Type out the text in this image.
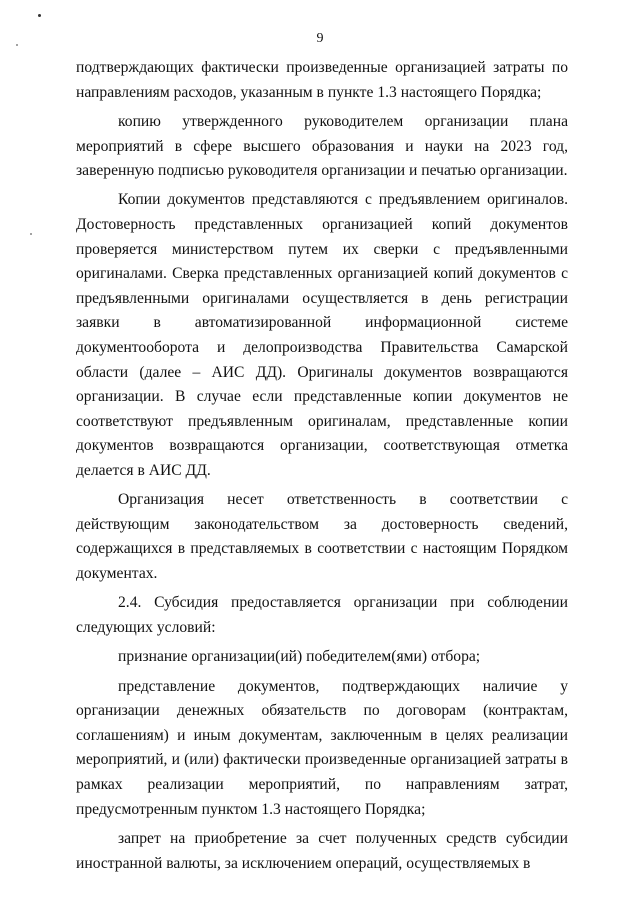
9

подтверждающих фактически произведенные организацией затраты по направлениям расходов, указанным в пункте 1.3 настоящего Порядка;

копию утвержденного руководителем организации плана мероприятий в сфере высшего образования и науки на 2023 год, заверенную подписью руководителя организации и печатью организации.

Копии документов представляются с предъявлением оригиналов. Достоверность представленных организацией копий документов проверяется министерством путем их сверки с предъявленными оригиналами. Сверка представленных организацией копий документов с предъявленными оригиналами осуществляется в день регистрации заявки в автоматизированной информационной системе документооборота и делопроизводства Правительства Самарской области (далее – АИС ДД). Оригиналы документов возвращаются организации. В случае если представленные копии документов не соответствуют предъявленным оригиналам, представленные копии документов возвращаются организации, соответствующая отметка делается в АИС ДД.

Организация несет ответственность в соответствии с действующим законодательством за достоверность сведений, содержащихся в представляемых в соответствии с настоящим Порядком документах.

2.4. Субсидия предоставляется организации при соблюдении следующих условий:

признание организации(ий) победителем(ями) отбора;

представление документов, подтверждающих наличие у организации денежных обязательств по договорам (контрактам, соглашениям) и иным документам, заключенным в целях реализации мероприятий, и (или) фактически произведенные организацией затраты в рамках реализации мероприятий, по направлениям затрат, предусмотренным пунктом 1.3 настоящего Порядка;

запрет на приобретение за счет полученных средств субсидии иностранной валюты, за исключением операций, осуществляемых в
